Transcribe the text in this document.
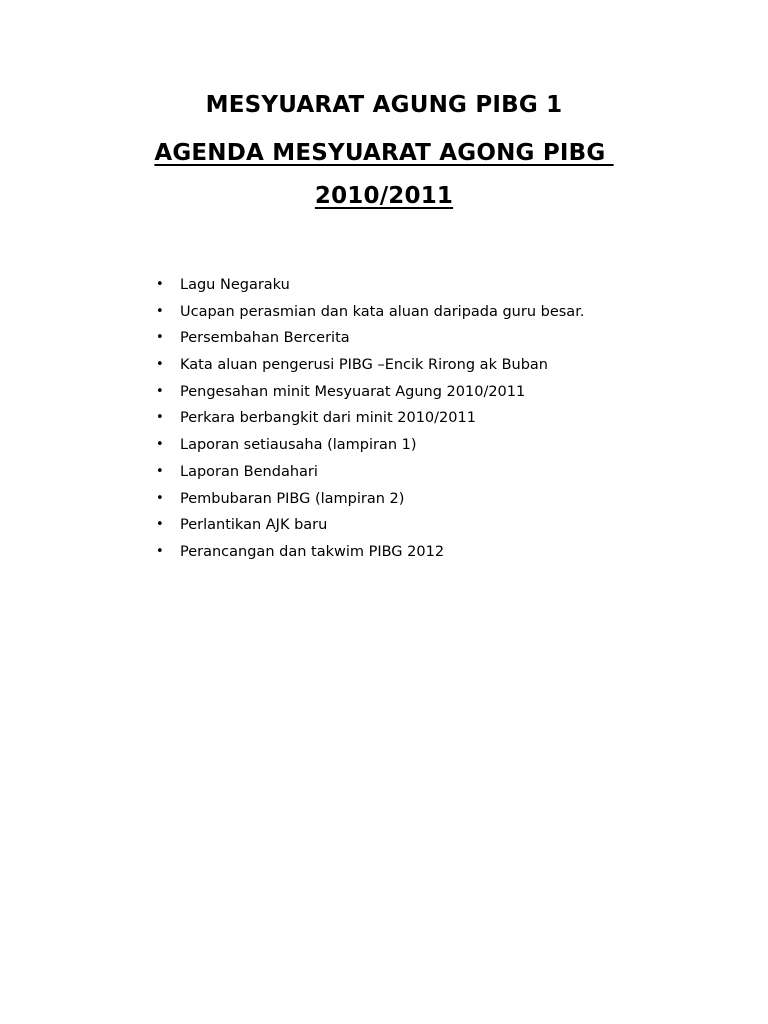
MESYUARAT AGUNG PIBG 1
AGENDA MESYUARAT AGONG PIBG
2010/2011
• Lagu Negaraku
• Ucapan perasmian dan kata aluan daripada guru besar.
• Persembahan Bercerita
• Kata aluan pengerusi PIBG –Encik Rirong ak Buban
• Pengesahan minit Mesyuarat Agung 2010/2011
• Perkara berbangkit dari minit 2010/2011
• Laporan setiausaha (lampiran 1)
• Laporan Bendahari
• Pembubaran PIBG (lampiran 2)
• Perlantikan AJK baru
• Perancangan dan takwim PIBG 2012
